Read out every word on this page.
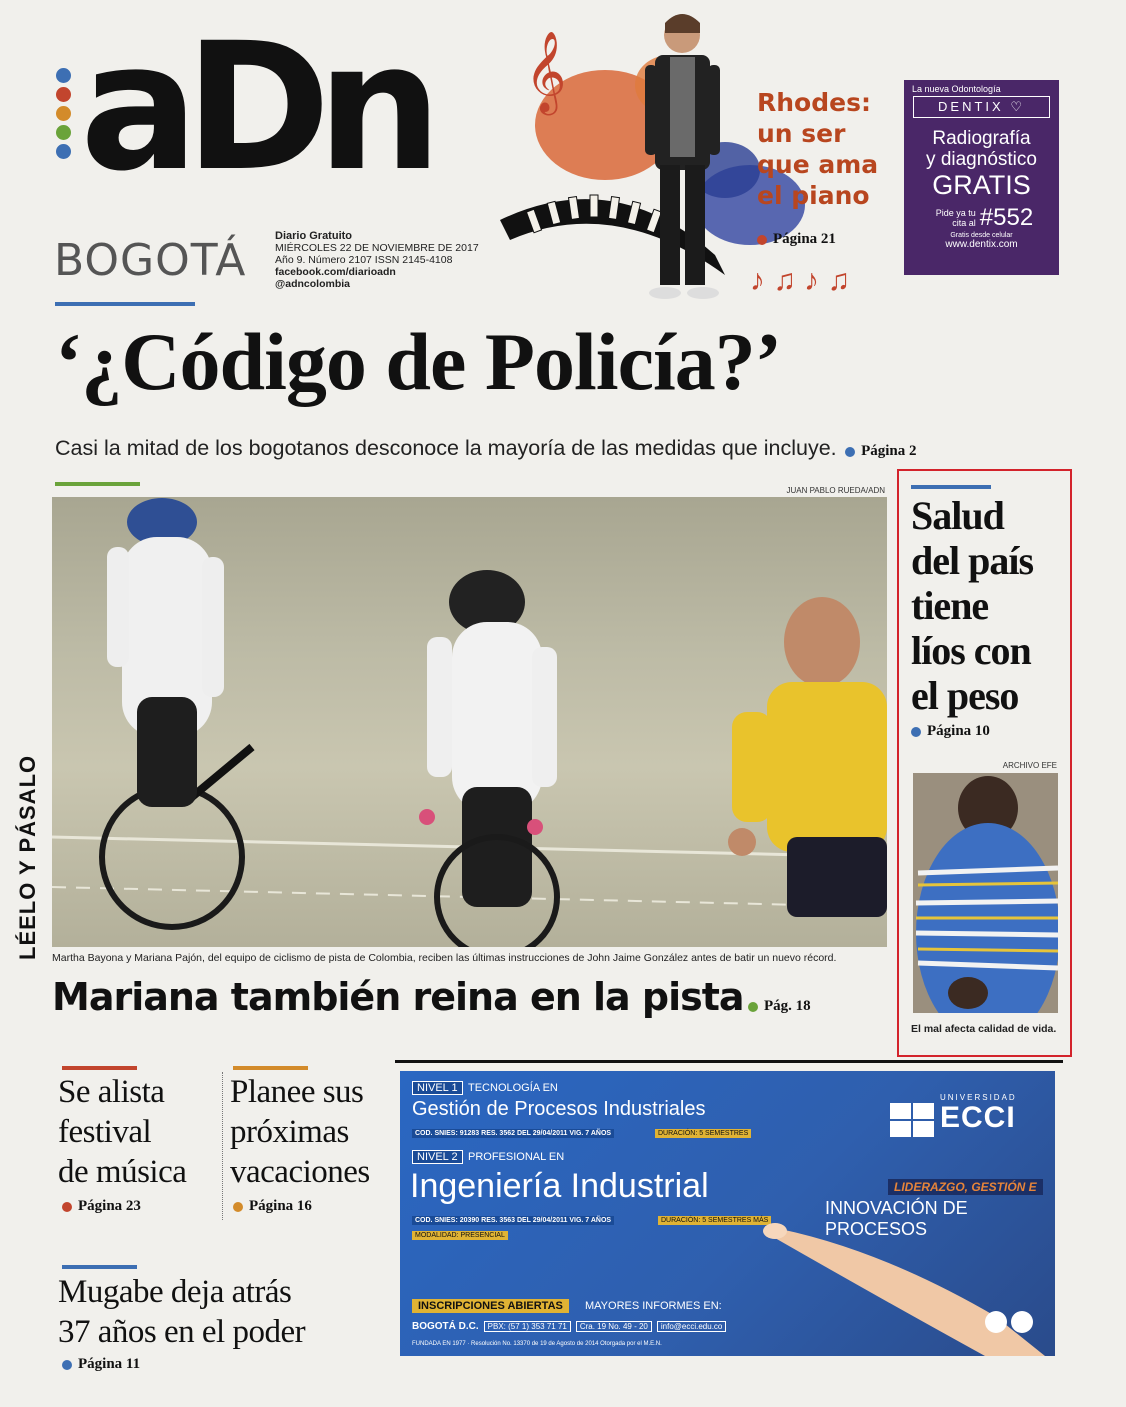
aDn
BOGOTÁ	Diario Gratuito
MIÉRCOLES 22 DE NOVIEMBRE DE 2017
Año 9. Número 2107 ISSN 2145-4108
facebook.com/diarioadn
@adncolombia
𝄞
♪ ♫ ♪ ♫
Rhodes:
un ser
que ama
el piano
Página 21
La nueva Odontología
DENTIX ♡
Radiografía
y diagnóstico
GRATIS
Pide ya tu cita al #552
Gratis desde celular
www.dentix.com
‘¿Código de Policía?’
Casi la mitad de los bogotanos desconoce la mayoría de las medidas que incluye. Página 2
JUAN PABLO RUEDA/ADN
LÉELO Y PÁSALO Martha Bayona y Mariana Pajón, del equipo de ciclismo de pista de Colombia, reciben las últimas instrucciones de John Jaime González antes de batir un nuevo récord.
Mariana también reina en la pista Pág. 18
Salud
del país
tiene
líos con
el peso
Página 10
ARCHIVO EFE
El mal afecta calidad de vida.
Se alista
festival
de música
Página 23
Planee sus
próximas
vacaciones
Página 16
Mugabe deja atrás
37 años en el poder
Página 11
NIVEL 1 TECNOLOGÍA EN
Gestión de Procesos Industriales
COD. SNIES: 91283 RES. 3562 DEL 29/04/2011 VIG. 7 AÑOS	DURACIÓN: 5 SEMESTRES
NIVEL 2 PROFESIONAL EN
Ingeniería Industrial
COD. SNIES: 20390 RES. 3563 DEL 29/04/2011 VIG. 7 AÑOS	DURACIÓN: 5 SEMESTRES MÁS
MODALIDAD: PRESENCIAL
UNIVERSIDAD
ECCI
LIDERAZGO, GESTIÓN E
INNOVACIÓN DE PROCESOS
INSCRIPCIONES ABIERTAS	MAYORES INFORMES EN:
BOGOTÁ D.C.	PBX: (57 1) 353 71 71	Cra. 19 No. 49 - 20	info@ecci.edu.co
FUNDADA EN 1977 · Resolución No. 13370 de 19 de Agosto de 2014 Otorgada por el M.E.N.
